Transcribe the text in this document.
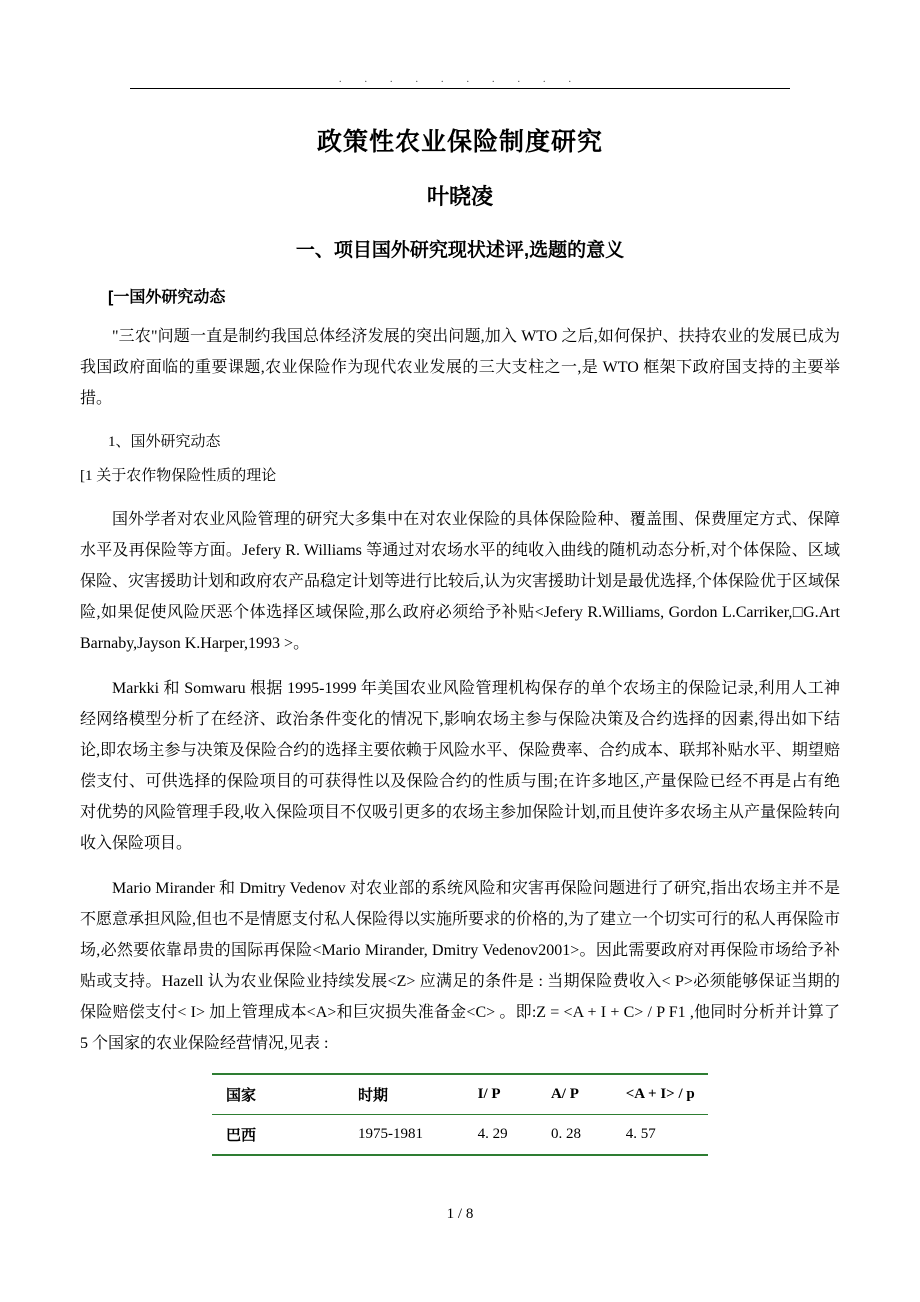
. . . . . . . . . .
政策性农业保险制度研究
叶晓凌
一、项目国外研究现状述评,选题的意义
[一国外研究动态

"三农"问题一直是制约我国总体经济发展的突出问题,加入 WTO 之后,如何保护、扶持农业的发展已成为我国政府面临的重要课题,农业保险作为现代农业发展的三大支柱之一,是 WTO 框架下政府国支持的主要举措。

1、国外研究动态

[1 关于农作物保险性质的理论

国外学者对农业风险管理的研究大多集中在对农业保险的具体保险险种、覆盖围、保费厘定方式、保障水平及再保险等方面。Jefery R. Williams 等通过对农场水平的纯收入曲线的随机动态分析,对个体保险、区域保险、灾害援助计划和政府农产品稳定计划等进行比较后,认为灾害援助计划是最优选择,个体保险优于区域保险,如果促使风险厌恶个体选择区域保险,那么政府必须给予补贴<Jefery R.Williams, Gordon L.Carriker,□G.Art Barnaby,Jayson K.Harper,1993 >。

Markki 和 Somwaru 根据 1995-1999 年美国农业风险管理机构保存的单个农场主的保险记录,利用人工神经网络模型分析了在经济、政治条件变化的情况下,影响农场主参与保险决策及合约选择的因素,得出如下结论,即农场主参与决策及保险合约的选择主要依赖于风险水平、保险费率、合约成本、联邦补贴水平、期望赔偿支付、可供选择的保险项目的可获得性以及保险合约的性质与围;在许多地区,产量保险已经不再是占有绝对优势的风险管理手段,收入保险项目不仅吸引更多的农场主参加保险计划,而且使许多农场主从产量保险转向收入保险项目。

Mario Mirander 和 Dmitry Vedenov 对农业部的系统风险和灾害再保险问题进行了研究,指出农场主并不是不愿意承担风险,但也不是情愿支付私人保险得以实施所要求的价格的,为了建立一个切实可行的私人再保险市场,必然要依靠昂贵的国际再保险<Mario Mirander, Dmitry Vedenov2001>。因此需要政府对再保险市场给予补贴或支持。Hazell 认为农业保险业持续发展<Z> 应满足的条件是 : 当期保险费收入< P>必须能够保证当期的保险赔偿支付< I> 加上管理成本<A>和巨灾损失准备金<C> 。即:Z = <A + I + C> / P F1 ,他同时分析并计算了 5 个国家的农业保险经营情况,见表 :

国家	时期	I/ P	A/ P	<A + I> / p
巴西	1975-1981	4. 29	0. 28	4. 57
1 / 8
